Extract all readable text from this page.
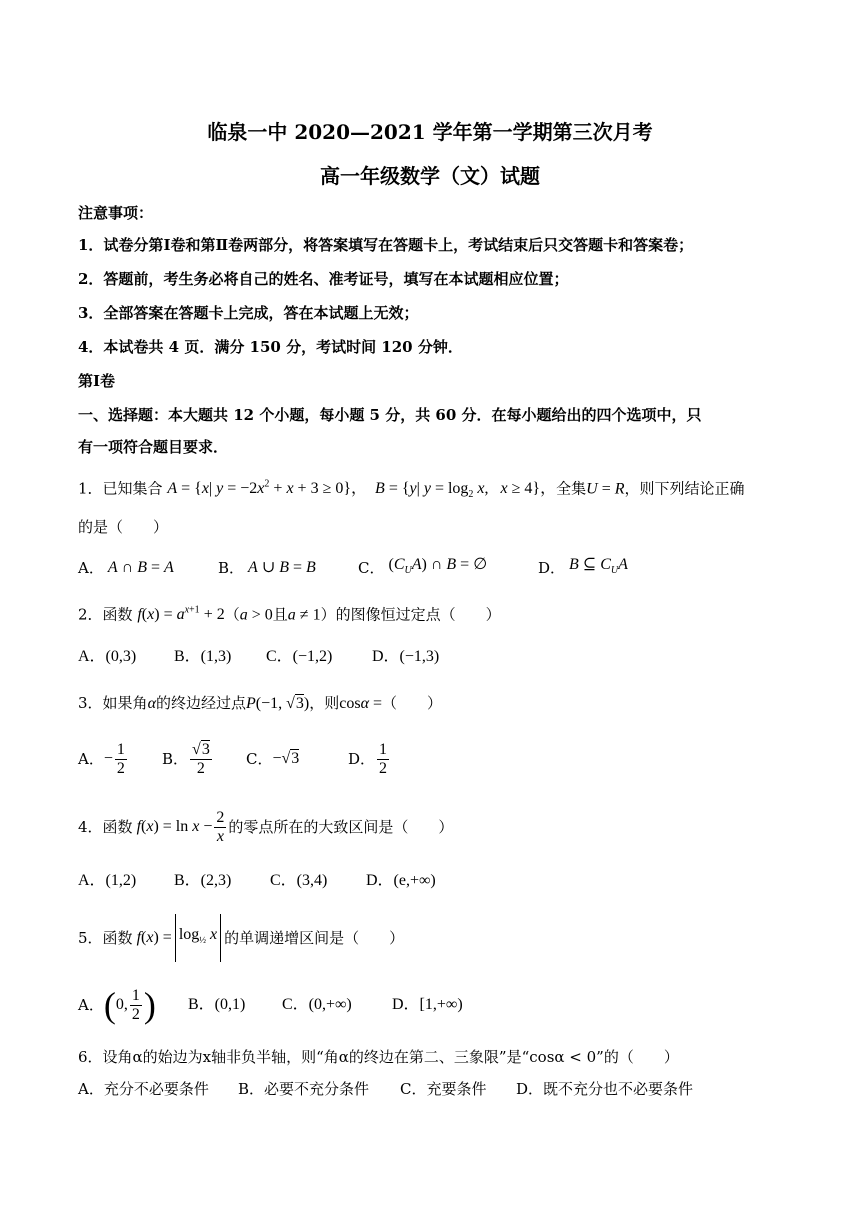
临泉一中 2020—2021 学年第一学期第三次月考
高一年级数学（文）试题
注意事项：
1．试卷分第Ⅰ卷和第Ⅱ卷两部分，将答案填写在答题卡上，考试结束后只交答题卡和答案卷；
2．答题前，考生务必将自己的姓名、准考证号，填写在本试题相应位置；
3．全部答案在答题卡上完成，答在本试题上无效；
4．本试卷共 4 页．满分 150 分，考试时间 120 分钟．
第Ⅰ卷
一、选择题：本大题共 12 个小题，每小题 5 分，共 60 分．在每小题给出的四个选项中，只
有一项符合题目要求．
1．已知集合 A = {x| $y = -2x^2 + x + 3 \ge 0$}，  B = {y| $y = \log_2 x$,   x ≥ 4}，全集U = R，则下列结论正确
的是（　　）
A． A ∩ B = A	B． A ∪ B = B	C． $(C_UA)$ ∩ B = ∅	D． B ⊆ $C_UA$
2．函数 $f(x) = a^{x+1} + 2(a > 0$且a ≠ 1）的图像恒过定点（　　）
A．(0,3)	B．(1,3)	C．(−1,2)	D．(−1,3)
3．如果角α的终边经过点P(−1, √3)，则cosα =（　　）
A． − $\frac{1}{2}$ B． $\frac{√3}{2}$ C． −√3	D． $\frac{1}{2}$
4． 函数 $f(x) = \ln x - \frac{2}{x}$ 的零点所在的大致区间是（　　）
A．(1,2)	B．(2,3)	C．(3,4)	D．(e,+∞)
5． 函数 $f(x) = \log_{\frac{1}{2}} x$ 的单调递增区间是（　　）
A． ( 0, $\frac{1}{2}$ ) B．(0,1)	C．(0,+∞)	D．[1,+∞)
6．设角α的始边为x轴非负半轴，则“角α的终边在第二、三象限”是“cosα < 0”的（　　）
A．充分不必要条件	B．必要不充分条件	C．充要条件	D．既不充分也不必要条件
